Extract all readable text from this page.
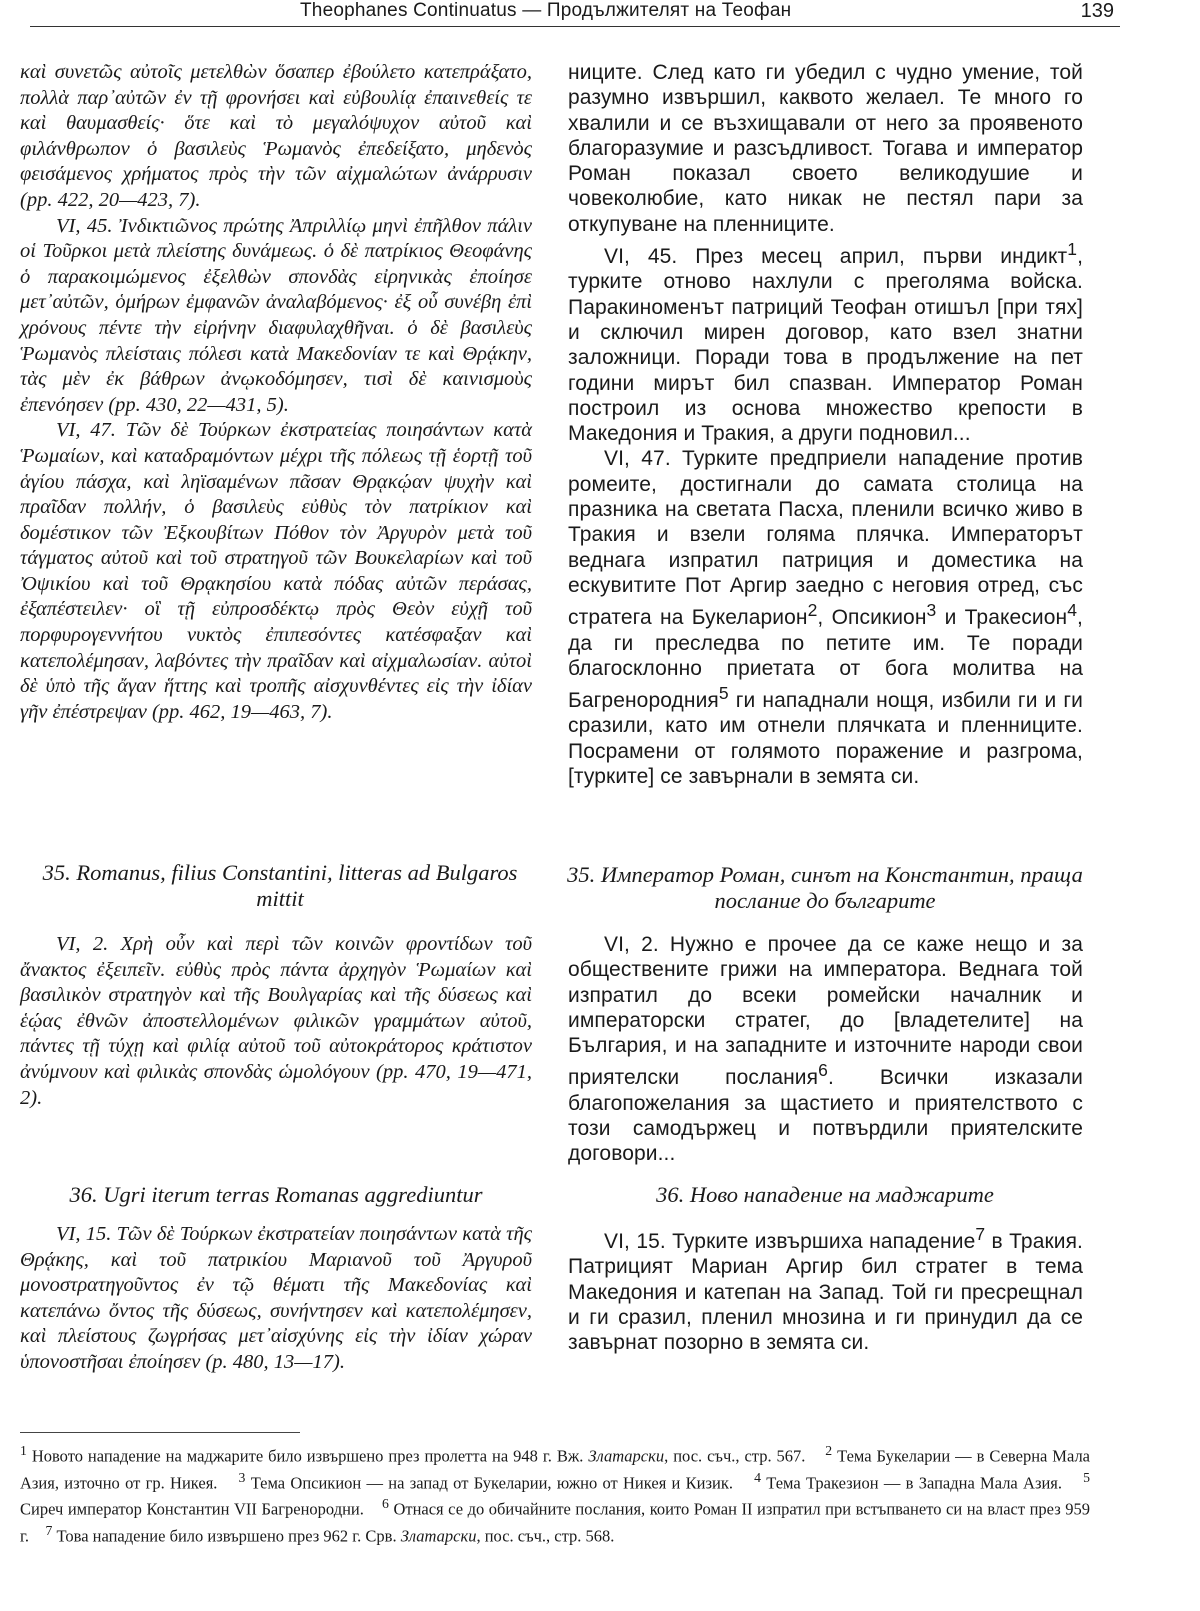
Theophanes Continuatus — Продължителят на Теофан	139

καὶ συνετῶς αὐτοῖς μετελθὼν ὅσαπερ ἐβούλετο κατεπράξατο, πολλὰ παρ᾽αὐτῶν ἐν τῇ φρονήσει καὶ εὐβουλίᾳ ἐπαινεθείς τε καὶ θαυμασθείς· ὅτε καὶ τὸ μεγαλόψυχον αὐτοῦ καὶ φιλάνθρωπον ὁ βασιλεὺς Ῥωμανὸς ἐπεδείξατο, μηδενὸς φεισάμενος χρήματος πρὸς τὴν τῶν αἰχμαλώτων ἀνάρρυσιν (pp. 422, 20—423, 7).

VI, 45. Ἰνδικτιῶνος πρώτης Ἀπριλλίῳ μηνὶ ἐπῆλθον πάλιν οἱ Τοῦρκοι μετὰ πλείστης δυνάμεως. ὁ δὲ πατρίκιος Θεοφάνης ὁ παρακοιμώμενος ἐξελθὼν σπονδὰς εἰρηνικὰς ἐποίησε μετ᾽αὐτῶν, ὁμήρων ἐμφανῶν ἀναλαβόμενος· ἐξ οὗ συνέβη ἐπὶ χρόνους πέντε τὴν εἰρήνην διαφυλαχθῆναι. ὁ δὲ βασιλεὺς Ῥωμανὸς πλείσταις πόλεσι κατὰ Μακεδονίαν τε καὶ Θρᾴκην, τὰς μὲν ἐκ βάθρων ἀνῳκοδόμησεν, τισὶ δὲ καινισμοὺς ἐπενόησεν (pp. 430, 22—431, 5).

VI, 47. Τῶν δὲ Τούρκων ἐκστρατείας ποιησάντων κατὰ Ῥωμαίων, καὶ καταδραμόντων μέχρι τῆς πόλεως τῇ ἑορτῇ τοῦ ἁγίου πάσχα, καὶ ληϊσαμένων πᾶσαν Θρᾳκῴαν ψυχὴν καὶ πραῖδαν πολλήν, ὁ βασιλεὺς εὐθὺς τὸν πατρίκιον καὶ δομέστικον τῶν Ἐξκουβίτων Πόθον τὸν Ἀργυρὸν μετὰ τοῦ τάγματος αὐτοῦ καὶ τοῦ στρατηγοῦ τῶν Βουκελαρίων καὶ τοῦ Ὀψικίου καὶ τοῦ Θρᾳκησίου κατὰ πόδας αὐτῶν περάσας, ἐξαπέστειλεν· οἳ τῇ εὐπροσδέκτῳ πρὸς Θεὸν εὐχῇ τοῦ πορφυρογεννήτου νυκτὸς ἐπιπεσόντες κατέσφαξαν καὶ κατεπολέμησαν, λαβόντες τὴν πραῖδαν καὶ αἰχμαλωσίαν. αὐτοὶ δὲ ὑπὸ τῆς ἄγαν ἥττης καὶ τροπῆς αἰσχυνθέντες εἰς τὴν ἰδίαν γῆν ἐπέστρεψαν (pp. 462, 19—463, 7).

35. Romanus, filius Constantini, litteras ad Bulgaros mittit

VI, 2. Χρὴ οὖν καὶ περὶ τῶν κοινῶν φροντίδων τοῦ ἄνακτος ἐξειπεῖν. εὐθὺς πρὸς πάντα ἀρχηγὸν Ῥωμαίων καὶ βασιλικὸν στρατηγὸν καὶ τῆς Βουλγαρίας καὶ τῆς δύσεως καὶ ἑῴας ἐθνῶν ἀποστελλομένων φιλικῶν γραμμάτων αὐτοῦ, πάντες τῇ τύχῃ καὶ φιλίᾳ αὐτοῦ τοῦ αὐτοκράτορος κράτιστον ἀνύμνουν καὶ φιλικὰς σπονδὰς ὡμολόγουν (pp. 470, 19—471, 2).

36. Ugri iterum terras Romanas aggrediuntur

VI, 15. Τῶν δὲ Τούρκων ἐκστρατείαν ποιησάντων κατὰ τῆς Θρᾴκης, καὶ τοῦ πατρικίου Μαριανοῦ τοῦ Ἀργυροῦ μονοστρατηγοῦντος ἐν τῷ θέματι τῆς Μακεδονίας καὶ κατεπάνω ὄντος τῆς δύσεως, συνήντησεν καὶ κατεπολέμησεν, καὶ πλείστους ζωγρήσας μετ᾽αἰσχύνης εἰς τὴν ἰδίαν χώραν ὑπονοστῆσαι ἐποίησεν (p. 480, 13—17).

ниците. След като ги убедил с чудно умение, той разумно извършил, каквото желаел. Те много го хвалили и се възхищавали от него за проявеното благоразумие и разсъдливост. Тогава и император Роман показал своето великодушие и човеколюбие, като никак не пестял пари за откупуване на пленниците.

VI, 45. През месец април, първи индикт$^1$, турките отново нахлули с преголяма войска. Паракиноменът патриций Теофан отишъл [при тях] и сключил мирен договор, като взел знатни заложници. Поради това в продължение на пет години мирът бил спазван. Император Роман построил из основа множество крепости в Македония и Тракия, а други подновил...

VI, 47. Турките предприели нападение против ромеите, достигнали до самата столица на празника на светата Пасха, пленили всичко живо в Тракия и взели голяма плячка. Императорът веднага изпратил патриция и доместика на ескувитите Пот Аргир заедно с неговия отред, със стратега на Букеларион$^2$, Опсикион$^3$ и Тракесион$^4$, да ги преследва по петите им. Те поради благосклонно приетата от бога молитва на Багренородния$^5$ ги нападнали нощя, избили ги и ги сразили, като им отнели плячката и пленниците. Посрамени от голямото поражение и разгрома, [турките] се завърнали в земята си.

35. Император Роман, синът на Константин, праща послание до българите

VI, 2. Нужно е прочее да се каже нещо и за обществените грижи на императора. Веднага той изпратил до всеки ромейски началник и императорски стратег, до [владетелите] на България, и на западните и източните народи свои приятелски послания$^6$. Всички изказали благопожелания за щастието и приятелството с този самодържец и потвърдили приятелските договори...

36. Ново нападение на маджарите

VI, 15. Турките извършиха нападение$^7$ в Тракия. Патрицият Мариан Аргир бил стратег в тема Македония и катепан на Запад. Той ги пресрещнал и ги сразил, пленил мнозина и ги принудил да се завърнат позорно в земята си.

$^1$ Новото нападение на маджарите било извършено през пролетта на 948 г. Вж. Златарски, пос. съч., стр. 567. $^2$ Тема Букеларии — в Северна Мала Азия, източно от гр. Никея. $^3$ Тема Опсикион — на запад от Букеларии, южно от Никея и Кизик. $^4$ Тема Тракезион — в Западна Мала Азия. $^5$ Сиреч император Константин VII Багренородни. $^6$ Отнася се до обичайните послания, които Роман II изпратил при встъпването си на власт през 959 г. $^7$ Това нападение било извършено през 962 г. Срв. Златарски, пос. съч., стр. 568.
